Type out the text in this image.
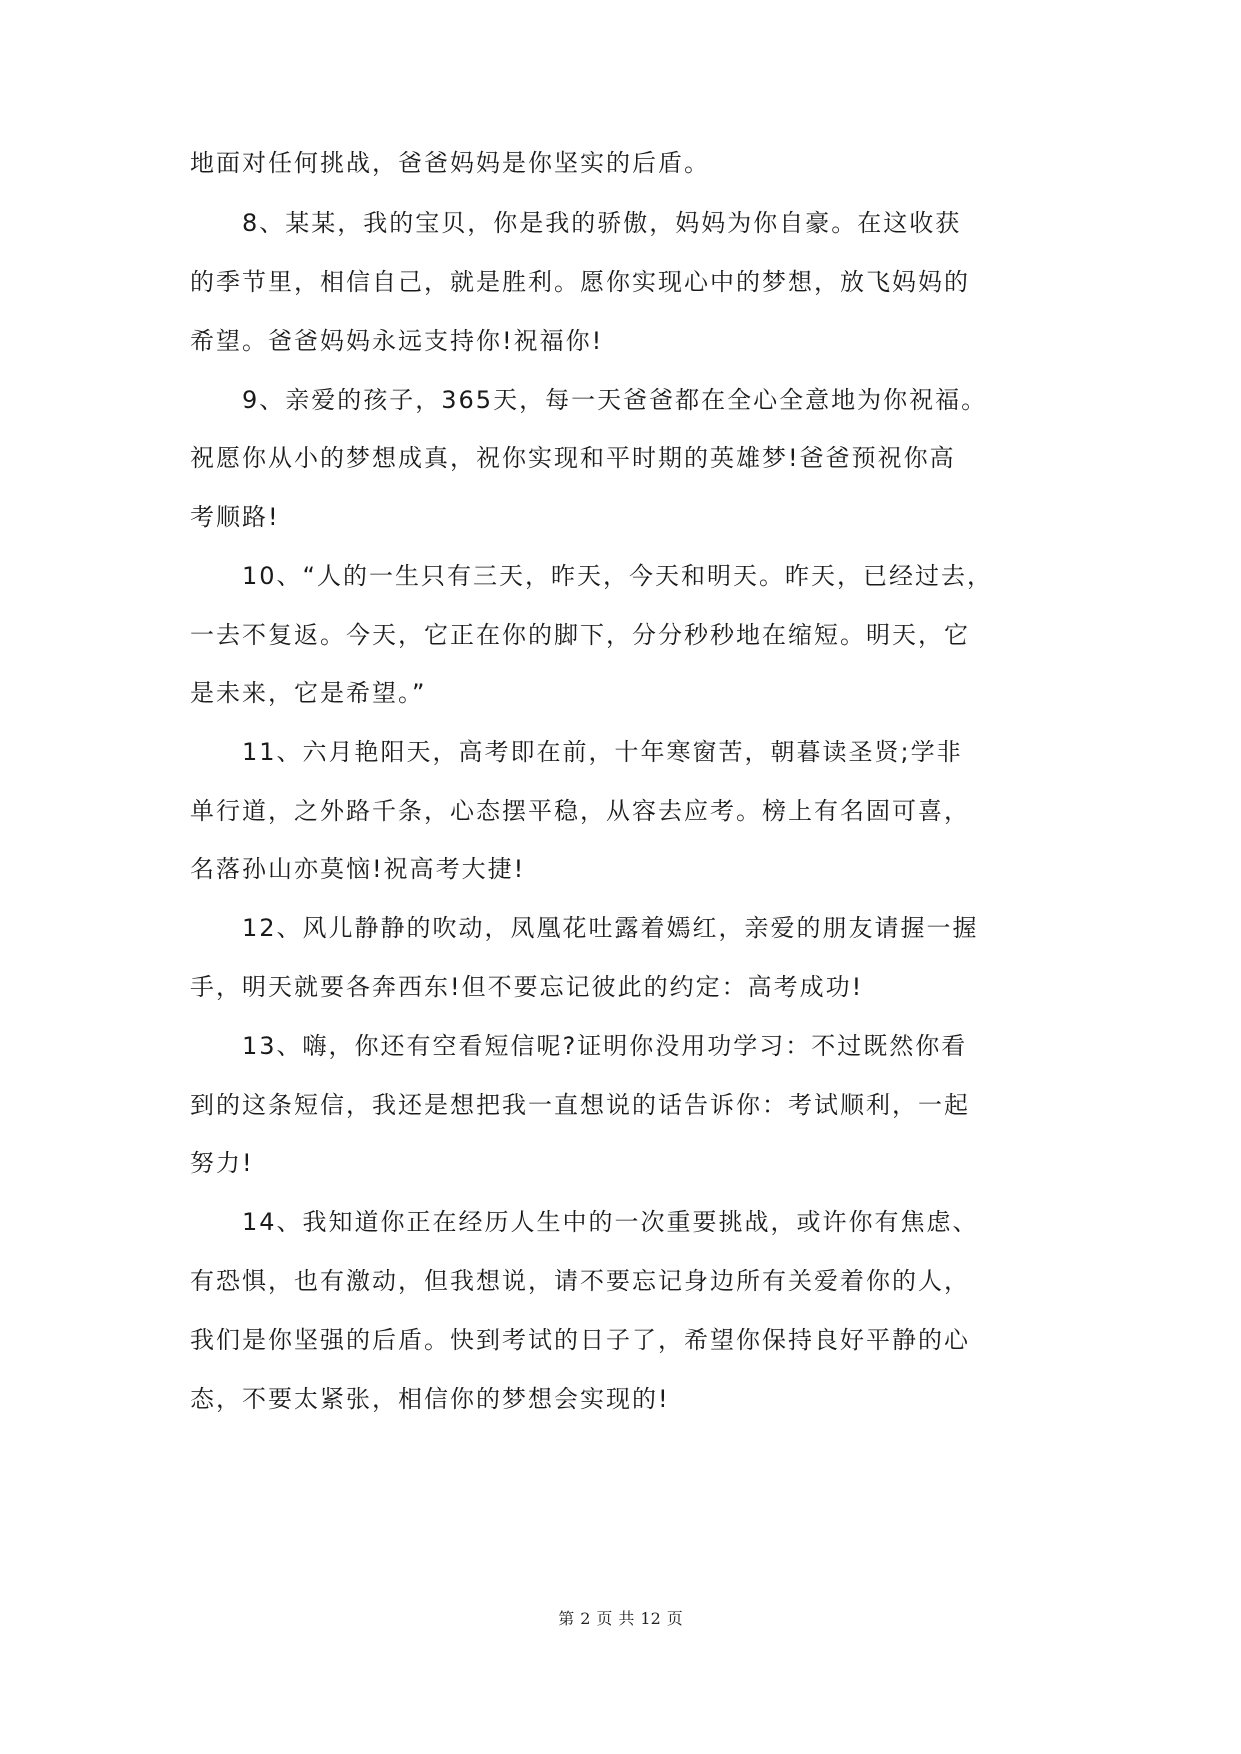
地面对任何挑战，爸爸妈妈是你坚实的后盾。

　　8、某某，我的宝贝，你是我的骄傲，妈妈为你自豪。在这收获

的季节里，相信自己，就是胜利。愿你实现心中的梦想，放飞妈妈的

希望。爸爸妈妈永远支持你!祝福你!

　　9、亲爱的孩子，365天，每一天爸爸都在全心全意地为你祝福。

祝愿你从小的梦想成真，祝你实现和平时期的英雄梦!爸爸预祝你高

考顺路!

　　10、“人的一生只有三天，昨天，今天和明天。昨天，已经过去，

一去不复返。今天，它正在你的脚下，分分秒秒地在缩短。明天，它

是未来，它是希望。”

　　11、六月艳阳天，高考即在前，十年寒窗苦，朝暮读圣贤;学非

单行道，之外路千条，心态摆平稳，从容去应考。榜上有名固可喜，

名落孙山亦莫恼!祝高考大捷!

　　12、风儿静静的吹动，凤凰花吐露着嫣红，亲爱的朋友请握一握

手，明天就要各奔西东!但不要忘记彼此的约定：高考成功!

　　13、嗨，你还有空看短信呢?证明你没用功学习：不过既然你看

到的这条短信，我还是想把我一直想说的话告诉你：考试顺利，一起

努力!

　　14、我知道你正在经历人生中的一次重要挑战，或许你有焦虑、

有恐惧，也有激动，但我想说，请不要忘记身边所有关爱着你的人，

我们是你坚强的后盾。快到考试的日子了，希望你保持良好平静的心

态，不要太紧张，相信你的梦想会实现的!

第 2 页 共 12 页
